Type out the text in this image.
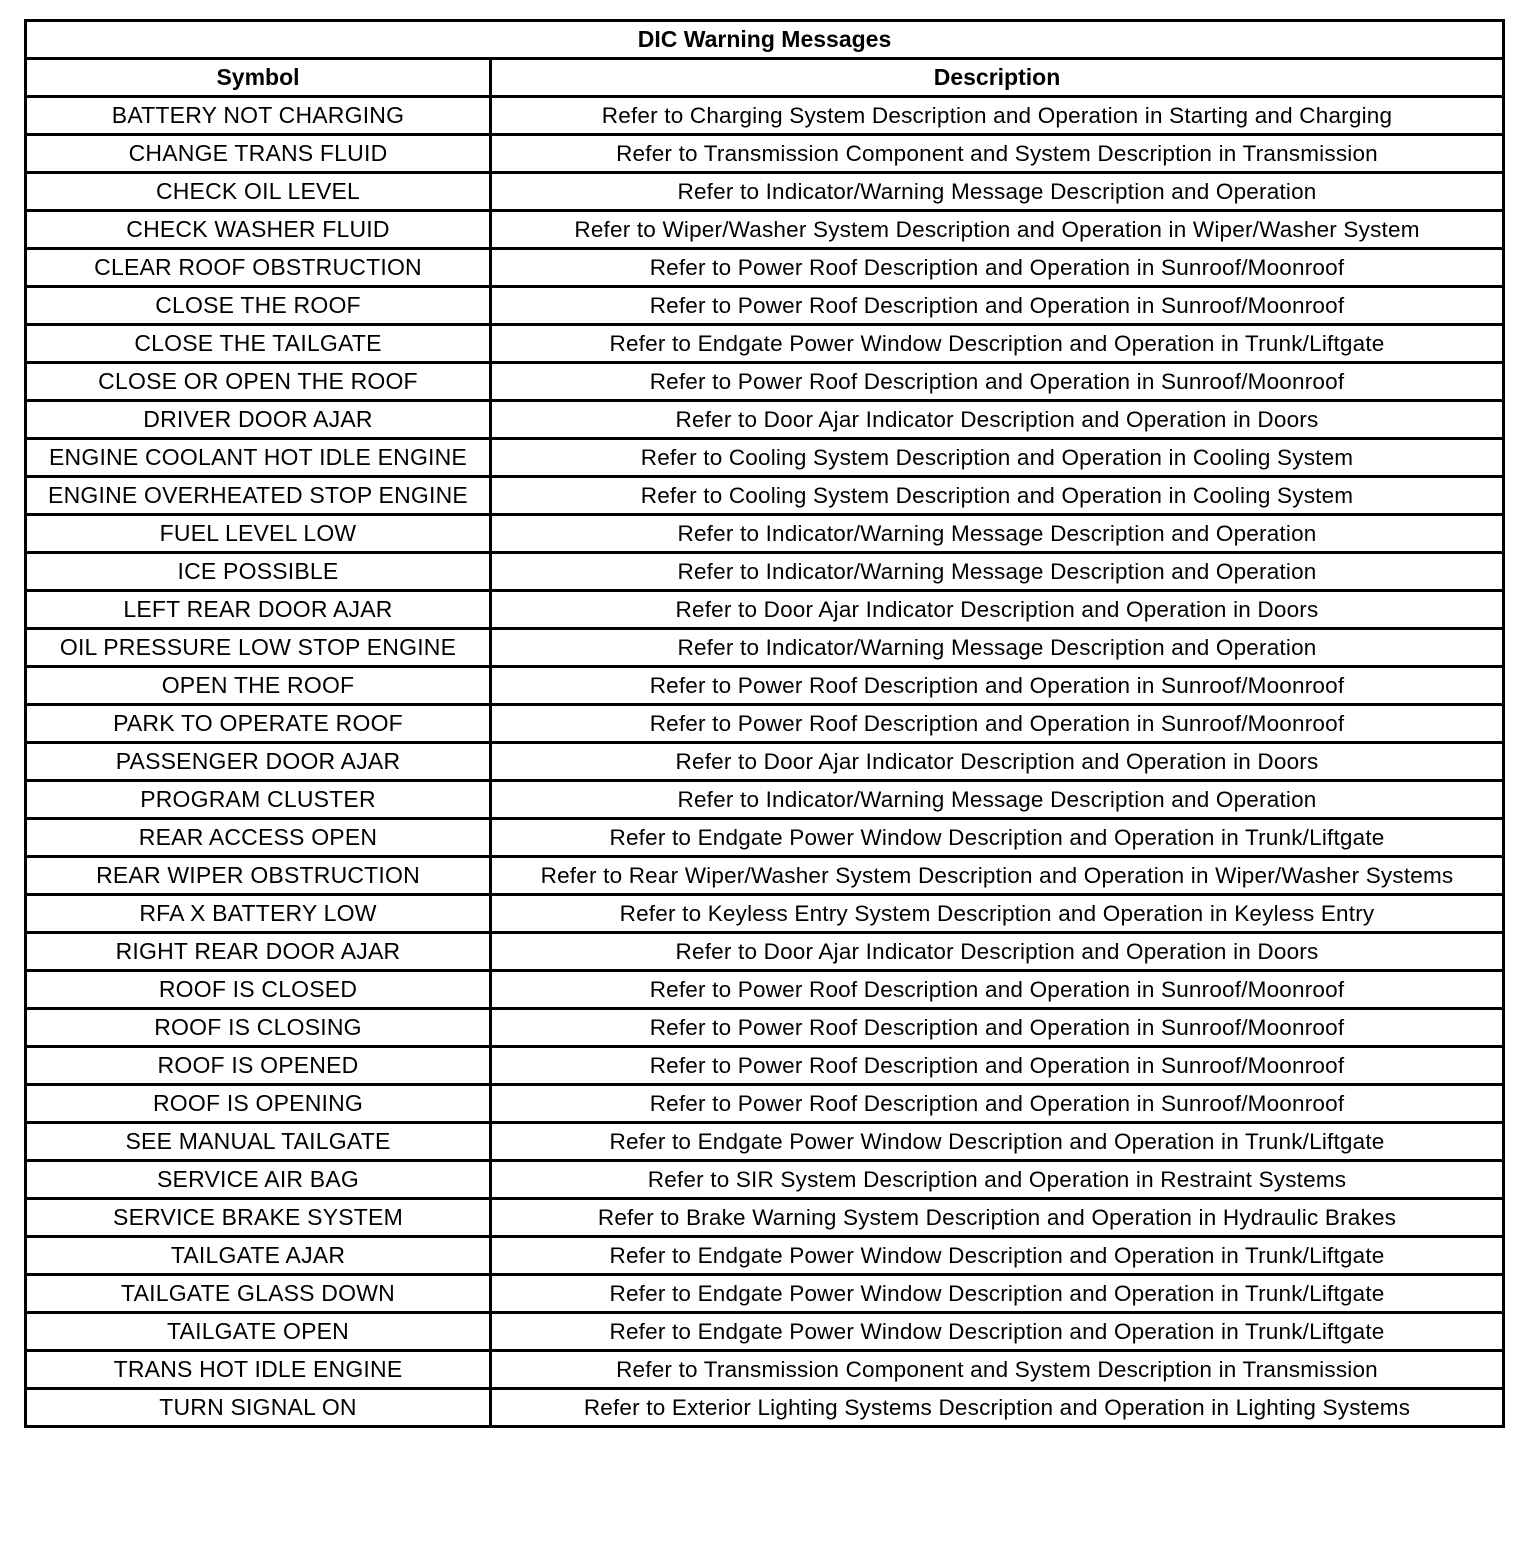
DIC Warning Messages	
Symbol	Description
BATTERY NOT CHARGING	Refer to Charging System Description and Operation in Starting and Charging
CHANGE TRANS FLUID	Refer to Transmission Component and System Description in Transmission
CHECK OIL LEVEL	Refer to Indicator/Warning Message Description and Operation
CHECK WASHER FLUID	Refer to Wiper/Washer System Description and Operation in Wiper/Washer System
CLEAR ROOF OBSTRUCTION	Refer to Power Roof Description and Operation in Sunroof/Moonroof
CLOSE THE ROOF	Refer to Power Roof Description and Operation in Sunroof/Moonroof
CLOSE THE TAILGATE	Refer to Endgate Power Window Description and Operation in Trunk/Liftgate
CLOSE OR OPEN THE ROOF	Refer to Power Roof Description and Operation in Sunroof/Moonroof
DRIVER DOOR AJAR	Refer to Door Ajar Indicator Description and Operation in Doors
ENGINE COOLANT HOT IDLE ENGINE	Refer to Cooling System Description and Operation in Cooling System
ENGINE OVERHEATED STOP ENGINE	Refer to Cooling System Description and Operation in Cooling System
FUEL LEVEL LOW	Refer to Indicator/Warning Message Description and Operation
ICE POSSIBLE	Refer to Indicator/Warning Message Description and Operation
LEFT REAR DOOR AJAR	Refer to Door Ajar Indicator Description and Operation in Doors
OIL PRESSURE LOW STOP ENGINE	Refer to Indicator/Warning Message Description and Operation
OPEN THE ROOF	Refer to Power Roof Description and Operation in Sunroof/Moonroof
PARK TO OPERATE ROOF	Refer to Power Roof Description and Operation in Sunroof/Moonroof
PASSENGER DOOR AJAR	Refer to Door Ajar Indicator Description and Operation in Doors
PROGRAM CLUSTER	Refer to Indicator/Warning Message Description and Operation
REAR ACCESS OPEN	Refer to Endgate Power Window Description and Operation in Trunk/Liftgate
REAR WIPER OBSTRUCTION	Refer to Rear Wiper/Washer System Description and Operation in Wiper/Washer Systems
RFA X BATTERY LOW	Refer to Keyless Entry System Description and Operation in Keyless Entry
RIGHT REAR DOOR AJAR	Refer to Door Ajar Indicator Description and Operation in Doors
ROOF IS CLOSED	Refer to Power Roof Description and Operation in Sunroof/Moonroof
ROOF IS CLOSING	Refer to Power Roof Description and Operation in Sunroof/Moonroof
ROOF IS OPENED	Refer to Power Roof Description and Operation in Sunroof/Moonroof
ROOF IS OPENING	Refer to Power Roof Description and Operation in Sunroof/Moonroof
SEE MANUAL TAILGATE	Refer to Endgate Power Window Description and Operation in Trunk/Liftgate
SERVICE AIR BAG	Refer to SIR System Description and Operation in Restraint Systems
SERVICE BRAKE SYSTEM	Refer to Brake Warning System Description and Operation in Hydraulic Brakes
TAILGATE AJAR	Refer to Endgate Power Window Description and Operation in Trunk/Liftgate
TAILGATE GLASS DOWN	Refer to Endgate Power Window Description and Operation in Trunk/Liftgate
TAILGATE OPEN	Refer to Endgate Power Window Description and Operation in Trunk/Liftgate
TRANS HOT IDLE ENGINE	Refer to Transmission Component and System Description in Transmission
TURN SIGNAL ON	Refer to Exterior Lighting Systems Description and Operation in Lighting Systems
